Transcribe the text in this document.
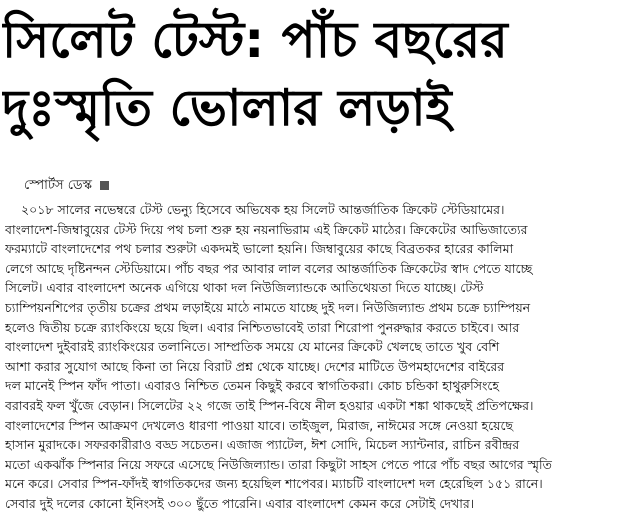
সিলেট টেস্ট: পাঁচ বছরের
দুঃস্মৃতি ভোলার লড়াই
স্পোর্টস ডেস্ক
২০১৮ সালের নভেম্বরে টেস্ট ভেন্যু হিসেবে অভিষেক হয় সিলেট আন্তর্জাতিক ক্রিকেট স্টেডিয়ামের।
বাংলাদেশ-জিম্বাবুয়ের টেস্ট দিয়ে পথ চলা শুরু হয় নয়নাভিরাম এই ক্রিকেট মাঠের। ক্রিকেটের আভিজাত্যের
ফরম্যাটে বাংলাদেশের পথ চলার শুরুটা একদমই ভালো হয়নি। জিম্বাবুয়ের কাছে বিব্রতকর হারের কালিমা
লেগে আছে দৃষ্টিনন্দন স্টেডিয়ামে। পাঁচ বছর পর আবার লাল বলের আন্তর্জাতিক ক্রিকেটের স্বাদ পেতে যাচ্ছে
সিলেট। এবার বাংলাদেশ অনেক এগিয়ে থাকা দল নিউজিল্যান্ডকে আতিথেয়তা দিতে যাচ্ছে। টেস্ট
চ্যাম্পিয়নশিপের তৃতীয় চক্রের প্রথম লড়াইয়ে মাঠে নামতে যাচ্ছে দুই দল। নিউজিল্যান্ড প্রথম চক্রে চ্যাম্পিয়ন
হলেও দ্বিতীয় চক্রে র‍্যাংকিংয়ে ছয়ে ছিল। এবার নিশ্চিতভাবেই তারা শিরোপা পুনরুদ্ধার করতে চাইবে। আর
বাংলাদেশ দুইবারই র‍্যাংকিংয়ের তলানিতে। সাম্প্রতিক সময়ে যে মানের ক্রিকেট খেলছে তাতে খুব বেশি
আশা করার সুযোগ আছে কিনা তা নিয়ে বিরাট প্রশ্ন থেকে যাচ্ছে। দেশের মাটিতে উপমহাদেশের বাইরের
দল মানেই স্পিন ফাঁদ পাতা। এবারও নিশ্চিত তেমন কিছুই করবে স্বাগতিকরা। কোচ চন্ডিকা হাথুরুসিংহে
বরাবরই ফল খুঁজে বেড়ান। সিলেটের ২২ গজে তাই স্পিন-বিষে নীল হওয়ার একটা শঙ্কা থাকছেই প্রতিপক্ষের।
বাংলাদেশের স্পিন আক্রমণ দেখলেও ধারণা পাওয়া যাবে। তাইজুল, মিরাজ, নাঈমের সঙ্গে নেওয়া হয়েছে
হাসান মুরাদকে। সফরকারীরাও বড্ড সচেতন। এজাজ প্যাটেল, ঈশ সোদি, মিচেল স্যান্টনার, রাচিন রবীন্দ্রর
মতো একঝাঁক স্পিনার নিয়ে সফরে এসেছে নিউজিল্যান্ড। তারা কিছুটা সাহস পেতে পারে পাঁচ বছর আগের স্মৃতি
মনে করে। সেবার স্পিন-ফাঁদই স্বাগতিকদের জন্য হয়েছিল শাপেবর। ম্যাচটি বাংলাদেশ দল হেরেছিল ১৫১ রানে।
সেবার দুই দলের কোনো ইনিংসই ৩০০ ছুঁতে পারেনি। এবার বাংলাদেশ কেমন করে সেটাই দেখার।
